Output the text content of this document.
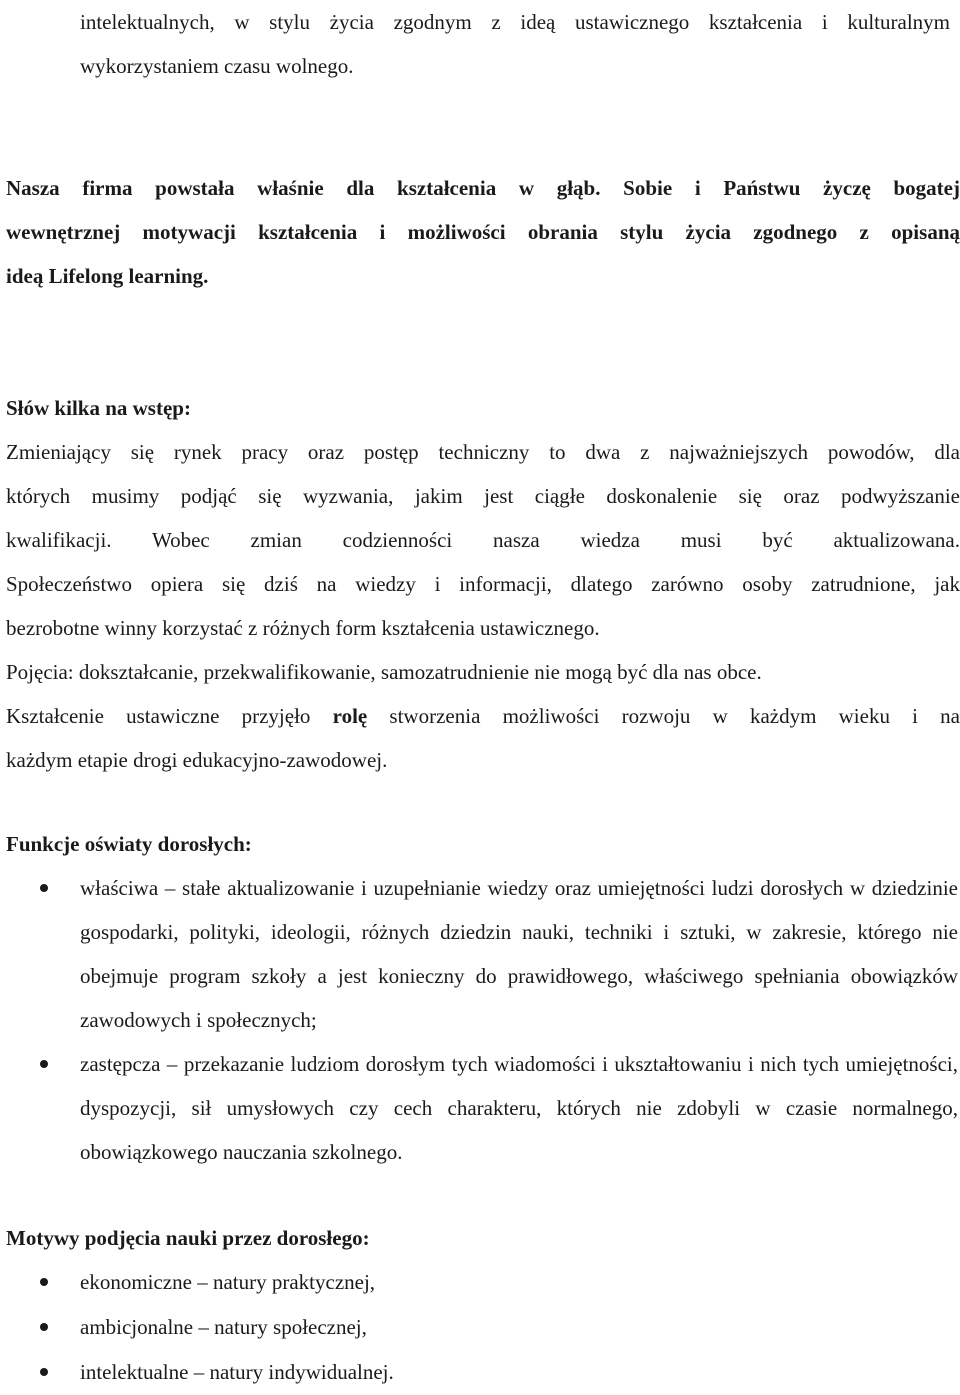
intelektualnych, w stylu życia zgodnym z ideą ustawicznego kształcenia i kulturalnym
wykorzystaniem czasu wolnego.
Nasza firma powstała właśnie dla kształcenia w głąb. Sobie i Państwu życzę bogatej
wewnętrznej motywacji kształcenia i możliwości obrania stylu życia zgodnego z opisaną
ideą Lifelong learning.
Słów kilka na wstęp:
Zmieniający się rynek pracy oraz postęp techniczny to dwa z najważniejszych powodów, dla
których musimy podjąć się wyzwania, jakim jest ciągłe doskonalenie się oraz podwyższanie
kwalifikacji. Wobec zmian codzienności nasza wiedza musi być aktualizowana.
Społeczeństwo opiera się dziś na wiedzy i informacji, dlatego zarówno osoby zatrudnione, jak
bezrobotne winny korzystać z różnych form kształcenia ustawicznego.
Pojęcia: dokształcanie, przekwalifikowanie, samozatrudnienie nie mogą być dla nas obce.
Kształcenie ustawiczne przyjęło rolę stworzenia możliwości rozwoju w każdym wieku i na
każdym etapie drogi edukacyjno-zawodowej.
Funkcje oświaty dorosłych:
właściwa – stałe aktualizowanie i uzupełnianie wiedzy oraz umiejętności ludzi dorosłych w dziedzinie gospodarki, polityki, ideologii, różnych dziedzin nauki, techniki i sztuki, w zakresie, którego nie obejmuje program szkoły a jest konieczny do prawidłowego, właściwego spełniania obowiązków zawodowych i społecznych;
zastępcza – przekazanie ludziom dorosłym tych wiadomości i ukształtowaniu i nich tych umiejętności, dyspozycji, sił umysłowych czy cech charakteru, których nie zdobyli w czasie normalnego, obowiązkowego nauczania szkolnego.
Motywy podjęcia nauki przez dorosłego:
ekonomiczne – natury praktycznej,
ambicjonalne – natury społecznej,
intelektualne – natury indywidualnej.
